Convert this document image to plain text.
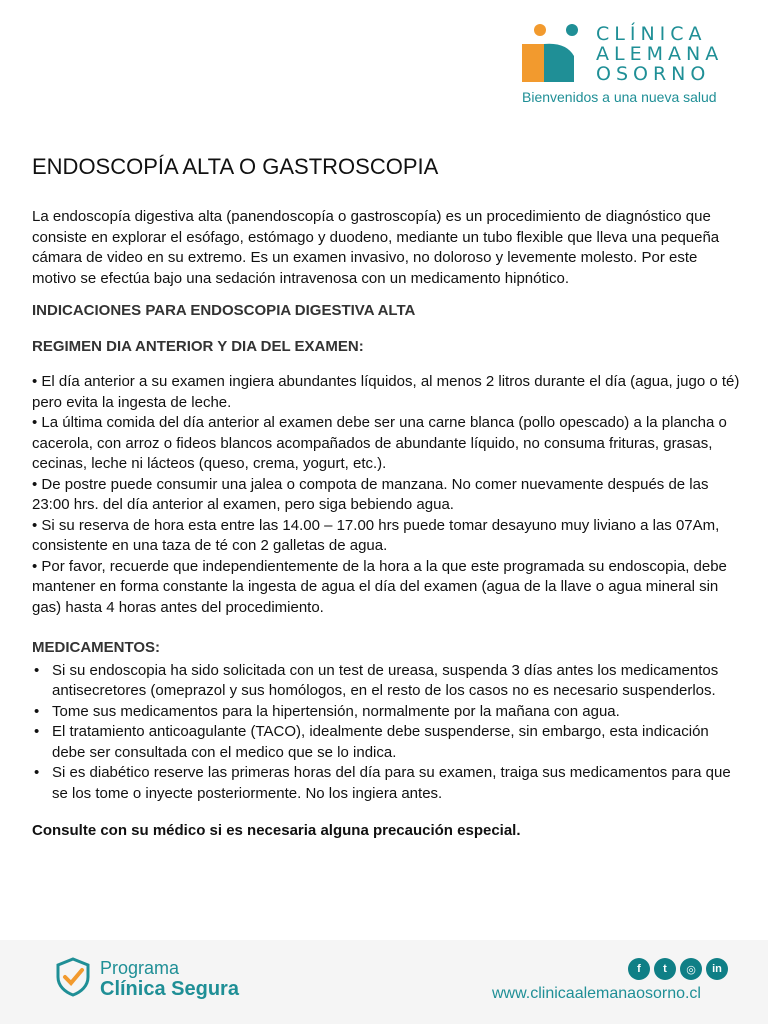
CLÍNICA
ALEMANA
OSORNO
Bienvenidos a una nueva salud
ENDOSCOPÍA ALTA O GASTROSCOPIA

La endoscopía digestiva alta (panendoscopía o gastroscopía) es un procedimiento de diagnóstico que consiste en explorar el esófago, estómago y duodeno, mediante un tubo flexible que lleva una pequeña cámara de video en su extremo. Es un examen invasivo, no doloroso y levemente molesto. Por este motivo se efectúa bajo una sedación intravenosa con un medicamento hipnótico.

INDICACIONES PARA ENDOSCOPIA DIGESTIVA ALTA

REGIMEN DIA ANTERIOR Y DIA DEL EXAMEN:

• El día anterior a su examen ingiera abundantes líquidos, al menos 2 litros durante el día (agua, jugo o té) pero evita la ingesta de leche.

• La última comida del día anterior al examen debe ser una carne blanca (pollo opescado) a la plancha o cacerola, con arroz o fideos blancos acompañados de abundante líquido, no consuma frituras, grasas, cecinas, leche ni lácteos (queso, crema, yogurt, etc.).

• De postre puede consumir una jalea o compota de manzana. No comer nuevamente después de las 23:00 hrs. del día anterior al examen, pero siga bebiendo agua.

• Si su reserva de hora esta entre las 14.00 – 17.00 hrs puede tomar desayuno muy liviano a las 07Am, consistente en una taza de té con 2 galletas de agua.

• Por favor, recuerde que independientemente de la hora a la que este programada su endoscopia, debe mantener en forma constante la ingesta de agua el día del examen (agua de la llave o agua mineral sin gas) hasta 4 horas antes del procedimiento.

MEDICAMENTOS:

• Si su endoscopia ha sido solicitada con un test de ureasa, suspenda 3 días antes los medicamentos antisecretores (omeprazol y sus homólogos, en el resto de los casos no es necesario suspenderlos.
• Tome sus medicamentos para la hipertensión, normalmente por la mañana con agua.
• El tratamiento anticoagulante (TACO), idealmente debe suspenderse, sin embargo, esta indicación debe ser consultada con el medico que se lo indica.
• Si es diabético reserve las primeras horas del día para su examen, traiga sus medicamentos para que se los tome o inyecte posteriormente. No los ingiera antes.

Consulte con su médico si es necesaria alguna precaución especial.

Programa
Clínica Segura
f	t	◎	in
www.clinicaalemanaosorno.cl
